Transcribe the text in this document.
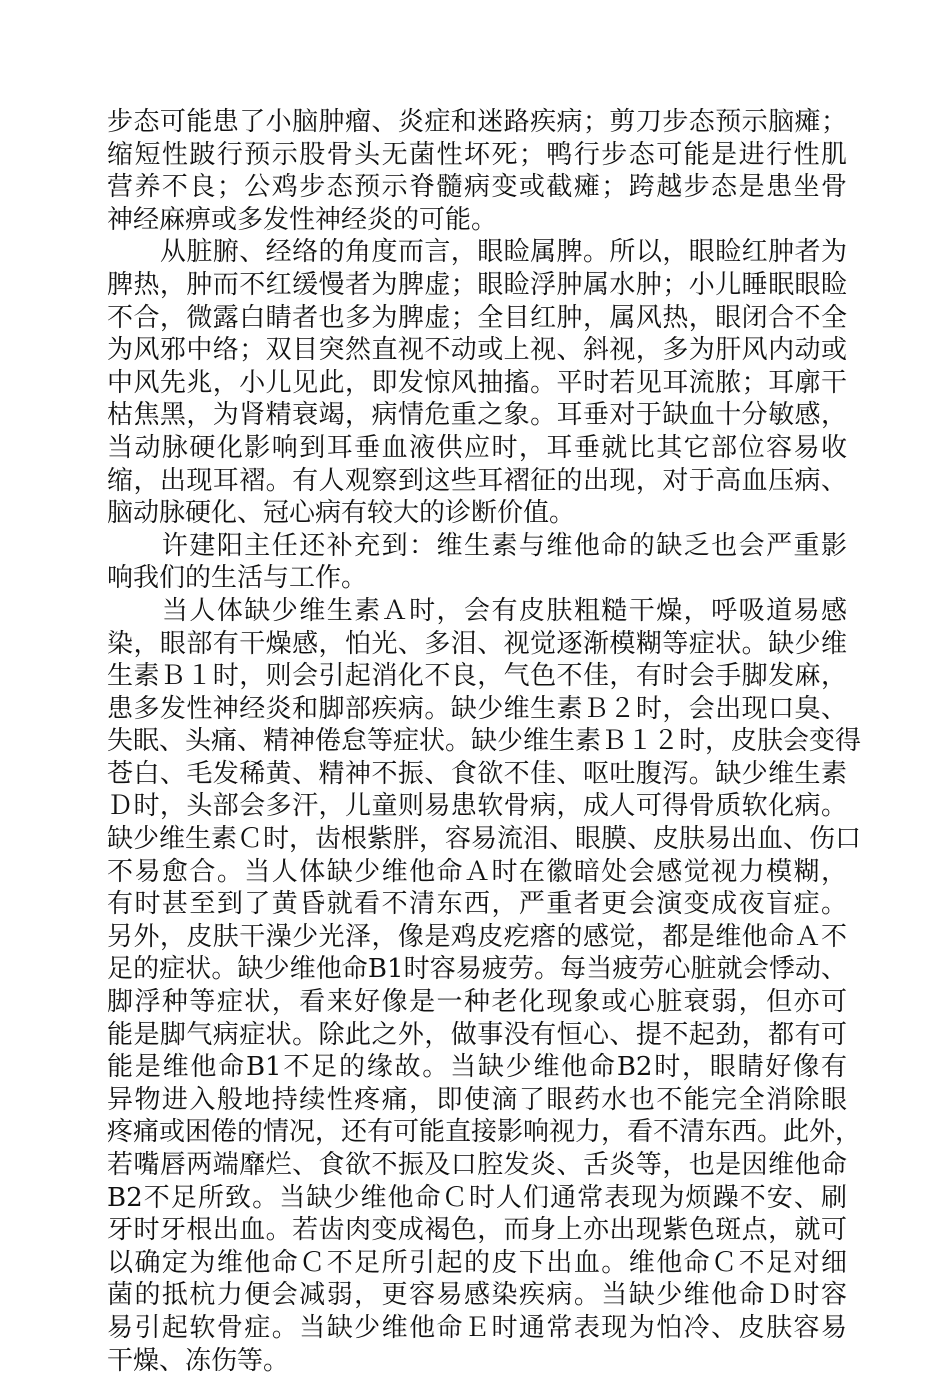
步态可能患了小脑肿瘤、炎症和迷路疾病；剪刀步态预示脑瘫；
缩短性跛行预示股骨头无菌性坏死；鸭行步态可能是进行性肌
营养不良；公鸡步态预示脊髓病变或截瘫；跨越步态是患坐骨
神经麻痹或多发性神经炎的可能。
　　从脏腑、经络的角度而言，眼睑属脾。所以，眼睑红肿者为
脾热，肿而不红缓慢者为脾虚；眼睑浮肿属水肿；小儿睡眠眼睑
不合，微露白睛者也多为脾虚；全目红肿，属风热，眼闭合不全
为风邪中络；双目突然直视不动或上视、斜视，多为肝风内动或
中风先兆，小儿见此，即发惊风抽搐。平时若见耳流脓；耳廓干
枯焦黑，为肾精衰竭，病情危重之象。耳垂对于缺血十分敏感，
当动脉硬化影响到耳垂血液供应时，耳垂就比其它部位容易收
缩，出现耳褶。有人观察到这些耳褶征的出现，对于高血压病、
脑动脉硬化、冠心病有较大的诊断价值。
　　许建阳主任还补充到：维生素与维他命的缺乏也会严重影
响我们的生活与工作。
　　当人体缺少维生素Ａ时，会有皮肤粗糙干燥，呼吸道易感
染，眼部有干燥感，怕光、多泪、视觉逐渐模糊等症状。缺少维
生素Ｂ１时，则会引起消化不良，气色不佳，有时会手脚发麻，
患多发性神经炎和脚部疾病。缺少维生素Ｂ２时，会出现口臭、
失眠、头痛、精神倦怠等症状。缺少维生素Ｂ１２时，皮肤会变得
苍白、毛发稀黄、精神不振、食欲不佳、呕吐腹泻。缺少维生素
Ｄ时，头部会多汗，儿童则易患软骨病，成人可得骨质软化病。
缺少维生素Ｃ时，齿根紫胖，容易流泪、眼膜、皮肤易出血、伤口
不易愈合。当人体缺少维他命Ａ时在徽暗处会感觉视力模糊，
有时甚至到了黄昏就看不清东西，严重者更会演变成夜盲症。
另外，皮肤干澡少光泽，像是鸡皮疙瘩的感觉，都是维他命Ａ不
足的症状。缺少维他命B1时容易疲劳。每当疲劳心脏就会悸动、
脚浮种等症状，看来好像是一种老化现象或心脏衰弱，但亦可
能是脚气病症状。除此之外，做事没有恒心、提不起劲，都有可
能是维他命B1不足的缘故。当缺少维他命B2时，眼睛好像有
异物进入般地持续性疼痛，即使滴了眼药水也不能完全消除眼
疼痛或困倦的情况，还有可能直接影响视力，看不清东西。此外，
若嘴唇两端靡烂、食欲不振及口腔发炎、舌炎等，也是因维他命
B2不足所致。当缺少维他命Ｃ时人们通常表现为烦躁不安、刷
牙时牙根出血。若齿肉变成褐色，而身上亦出现紫色斑点，就可
以确定为维他命Ｃ不足所引起的皮下出血。维他命Ｃ不足对细
菌的抵杭力便会减弱，更容易感染疾病。当缺少维他命Ｄ时容
易引起软骨症。当缺少维他命Ｅ时通常表现为怕冷、皮肤容易
干燥、冻伤等。
